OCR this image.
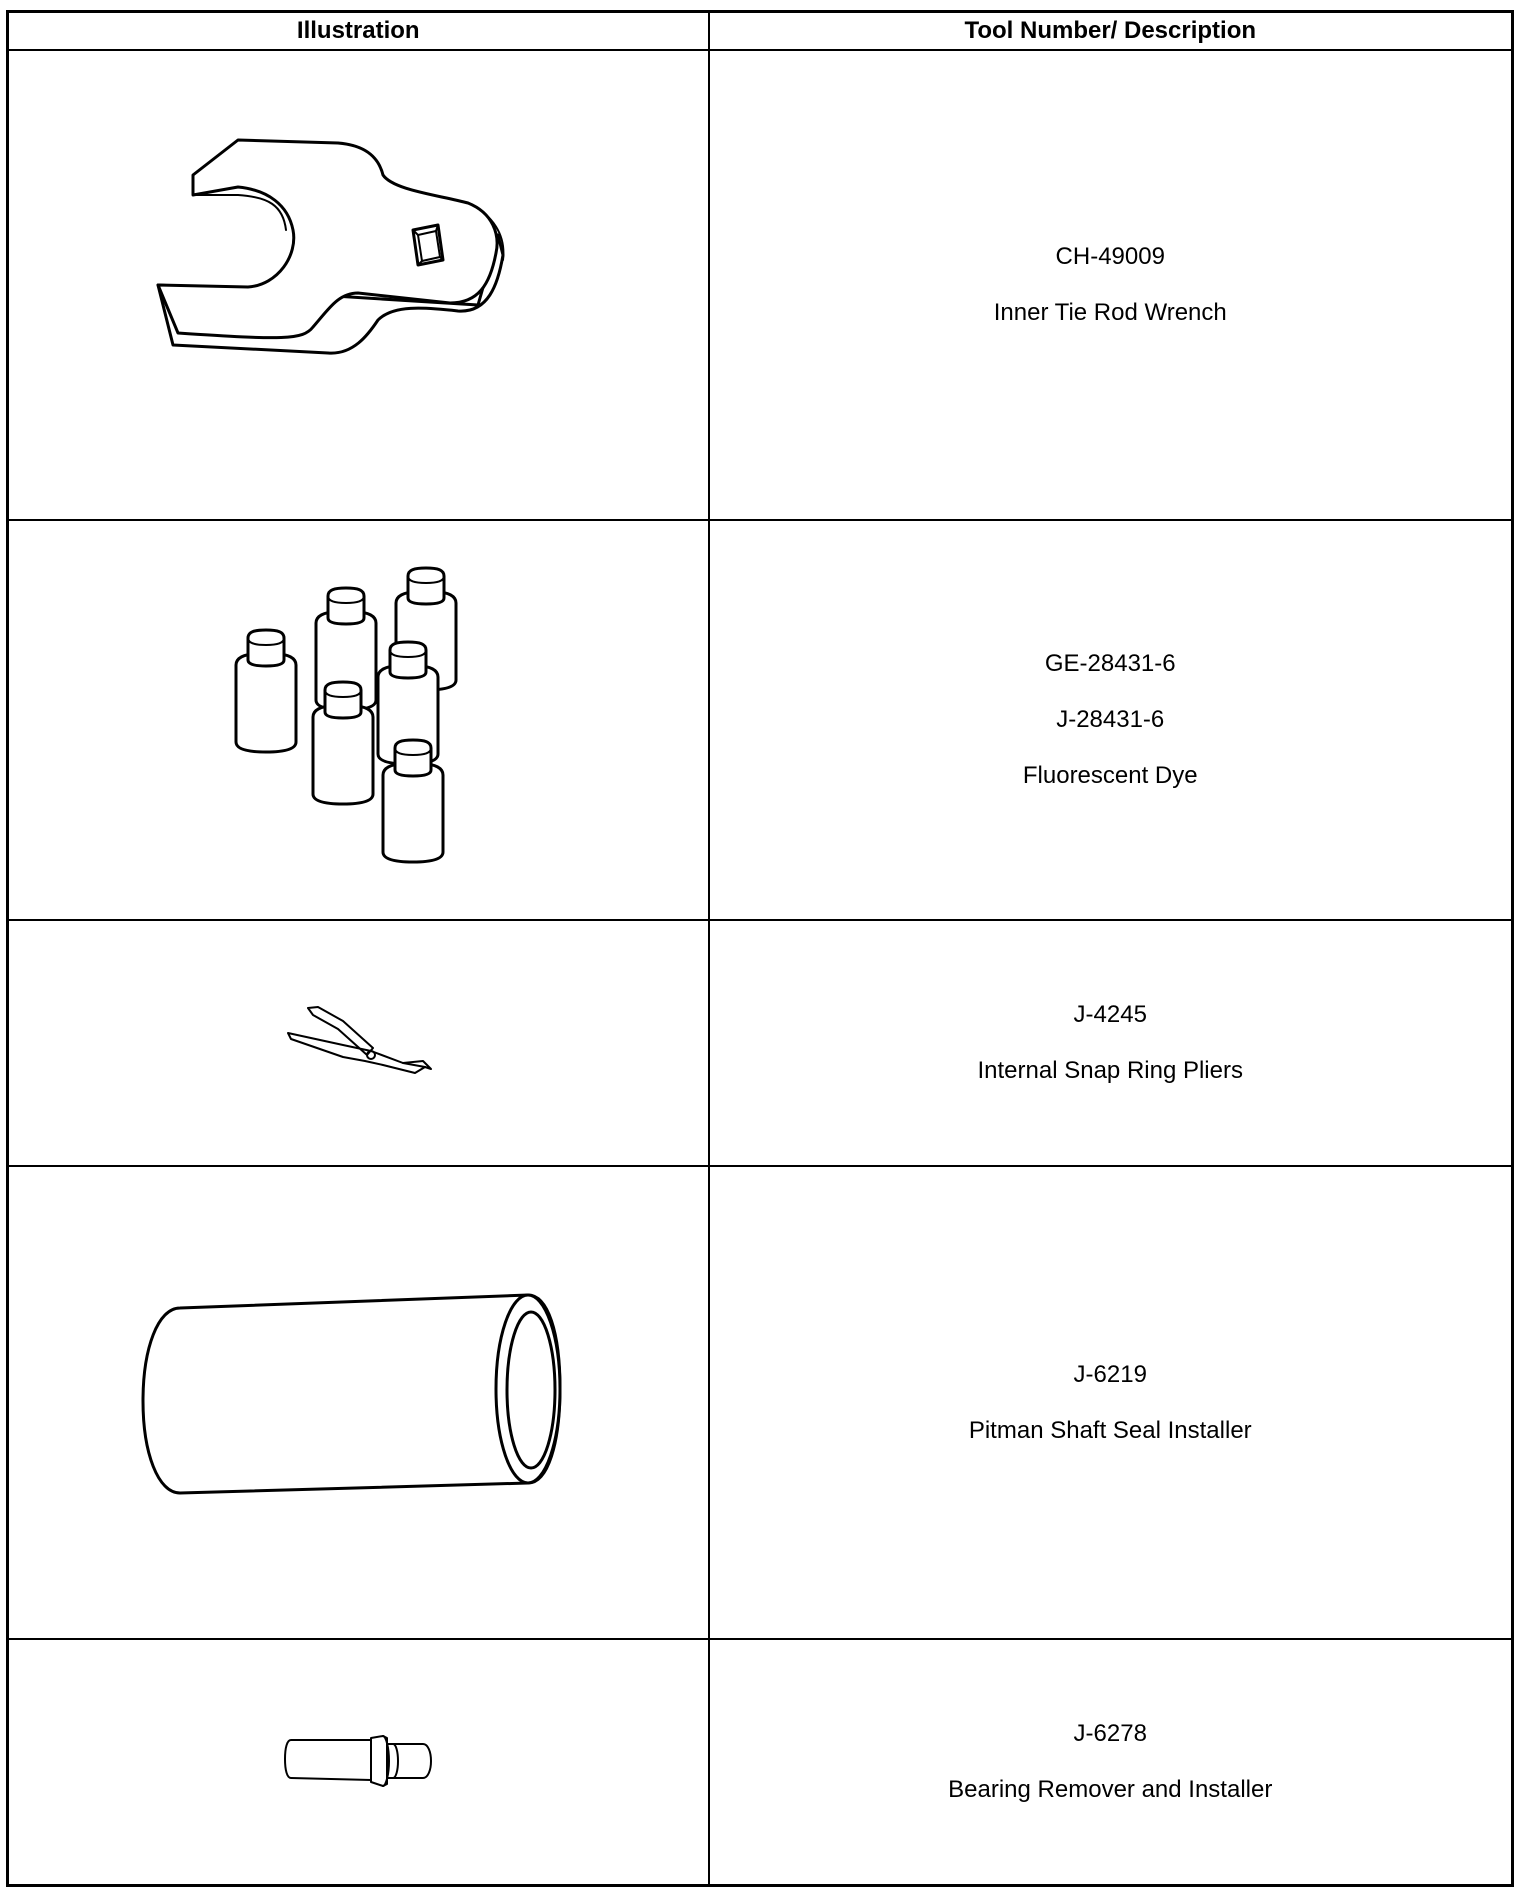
Illustration	Tool Number/ Description

CH-49009
Inner Tie Rod Wrench

GE-28431-6
J-28431-6
Fluorescent Dye

J-4245
Internal Snap Ring Pliers

J-6219
Pitman Shaft Seal Installer

J-6278
Bearing Remover and Installer
